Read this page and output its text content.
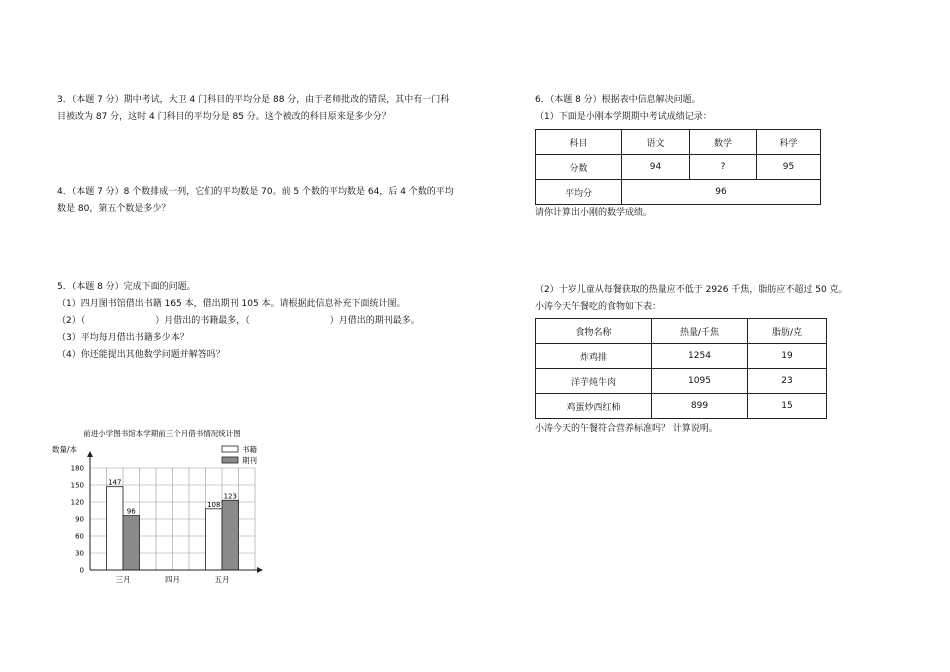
3．（本题 7 分）期中考试，大卫 4 门科目的平均分是 88 分，由于老师批改的错误，其中有一门科
目被改为 87 分，这时 4 门科目的平均分是 85 分。这个被改的科目原来是多少分？
4．（本题 7 分）8 个数排成一列，它们的平均数是 70。前 5 个数的平均数是 64，后 4 个数的平均
数是 80，第五个数是多少？
5．（本题 8 分）完成下面的问题。
（1）四月图书馆借出书籍 165 本，借出期刊 105 本。请根据此信息补充下面统计图。
（2）（	）月借出的书籍最多，（	）月借出的期刊最多。
（3）平均每月借出书籍多少本？
（4）你还能提出其他数学问题并解答吗？
前进小学图书馆本学期前三个月借书情况统计图
数量/本	书籍
期刊
0
30
60
90
120
150
180
147
96
三月	四月
108
123
五月
6．（本题 8 分）根据表中信息解决问题。
（1）下面是小刚本学期期中考试成绩记录：
科目	语文	数学	科学
分数	94	?	95
平均分	96		
请你计算出小刚的数学成绩。
（2）十岁儿童从每餐获取的热量应不低于 2926 千焦，脂肪应不超过 50 克。
小涛今天午餐吃的食物如下表：
食物名称	热量/千焦	脂肪/克
炸鸡排	1254	19
洋芋炖牛肉	1095	23
鸡蛋炒西红柿	899	15
小涛今天的午餐符合营养标准吗？ 计算说明。
